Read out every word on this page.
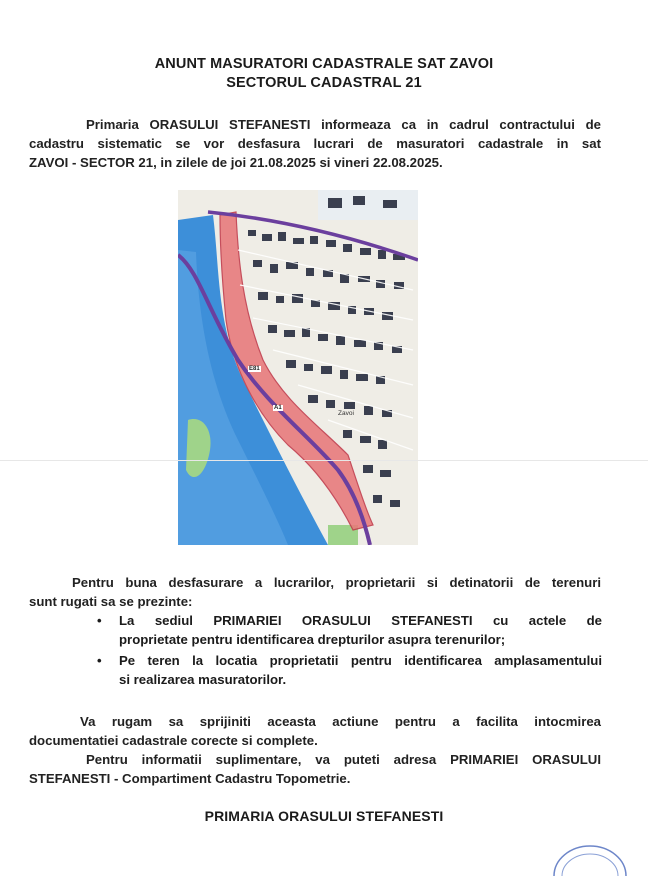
ANUNT MASURATORI CADASTRALE SAT ZAVOI
SECTORUL CADASTRAL 21
Primaria ORASULUI STEFANESTI informeaza ca in cadrul contractului de
cadastru sistematic se vor desfasura lucrari de masuratori cadastrale in sat
ZAVOI - SECTOR 21, in zilele de joi 21.08.2025 si vineri 22.08.2025.
E81
A1
Zavoi
Pentru buna desfasurare a lucrarilor, proprietarii si detinatorii de terenuri
sunt rugati sa se prezinte:
•	La sediul PRIMARIEI ORASULUI STEFANESTI cu actele de
proprietate pentru identificarea drepturilor asupra terenurilor;
•	Pe teren la locatia proprietatii pentru identificarea amplasamentului
si realizarea masuratorilor.
Va rugam sa sprijiniti aceasta actiune pentru a facilita intocmirea
documentatiei cadastrale corecte si complete.
Pentru informatii suplimentare, va puteti adresa PRIMARIEI ORASULUI
STEFANESTI - Compartiment Cadastru Topometrie.
PRIMARIA ORASULUI STEFANESTI
